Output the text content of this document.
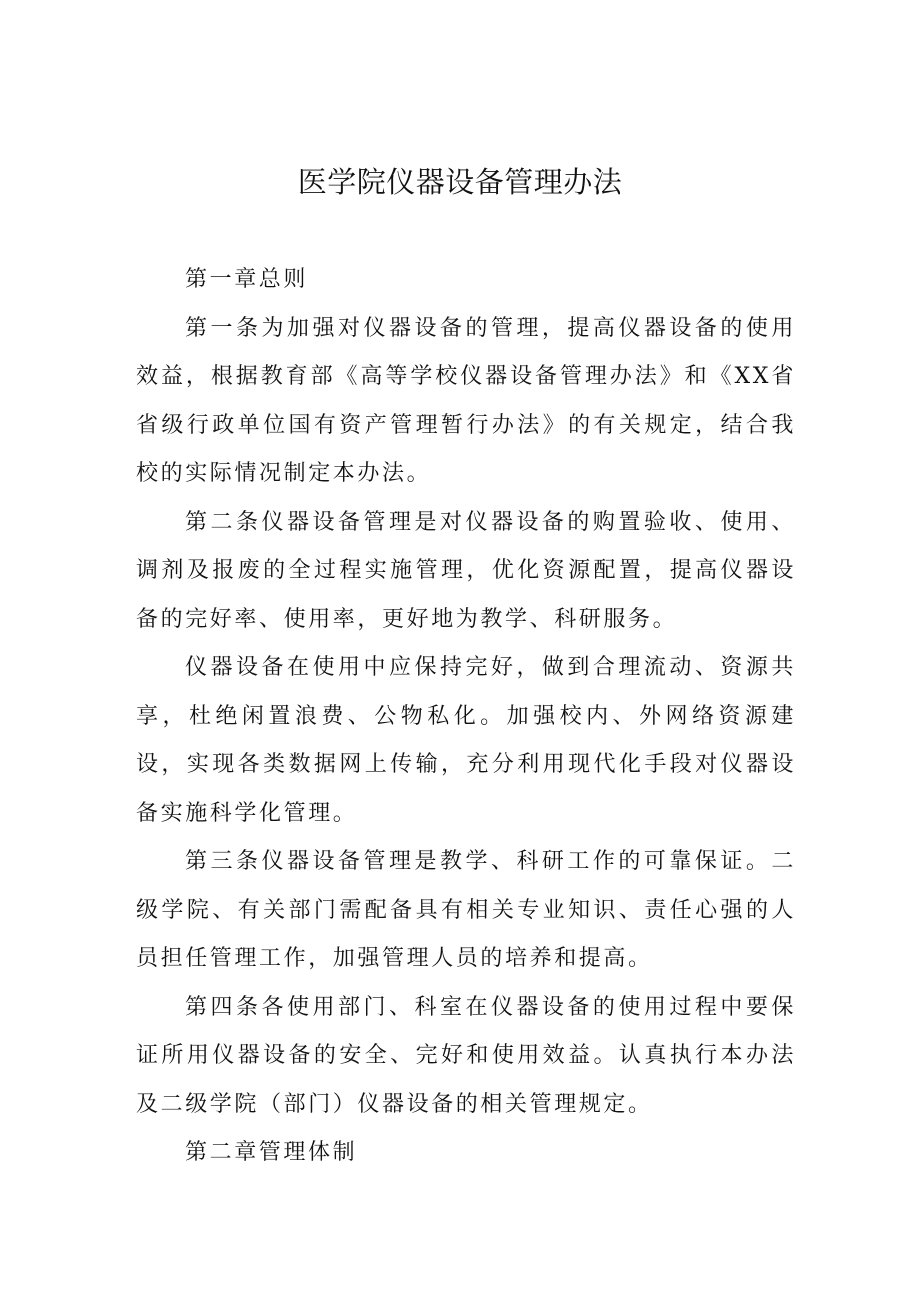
医学院仪器设备管理办法

第一章总则

第一条为加强对仪器设备的管理，提高仪器设备的使用效益，根据教育部《高等学校仪器设备管理办法》和《XX省省级行政单位国有资产管理暂行办法》的有关规定，结合我校的实际情况制定本办法。

第二条仪器设备管理是对仪器设备的购置验收、使用、调剂及报废的全过程实施管理，优化资源配置，提高仪器设备的完好率、使用率，更好地为教学、科研服务。

仪器设备在使用中应保持完好，做到合理流动、资源共享，杜绝闲置浪费、公物私化。加强校内、外网络资源建设，实现各类数据网上传输，充分利用现代化手段对仪器设备实施科学化管理。

第三条仪器设备管理是教学、科研工作的可靠保证。二级学院、有关部门需配备具有相关专业知识、责任心强的人员担任管理工作，加强管理人员的培养和提高。

第四条各使用部门、科室在仪器设备的使用过程中要保证所用仪器设备的安全、完好和使用效益。认真执行本办法及二级学院（部门）仪器设备的相关管理规定。

第二章管理体制
